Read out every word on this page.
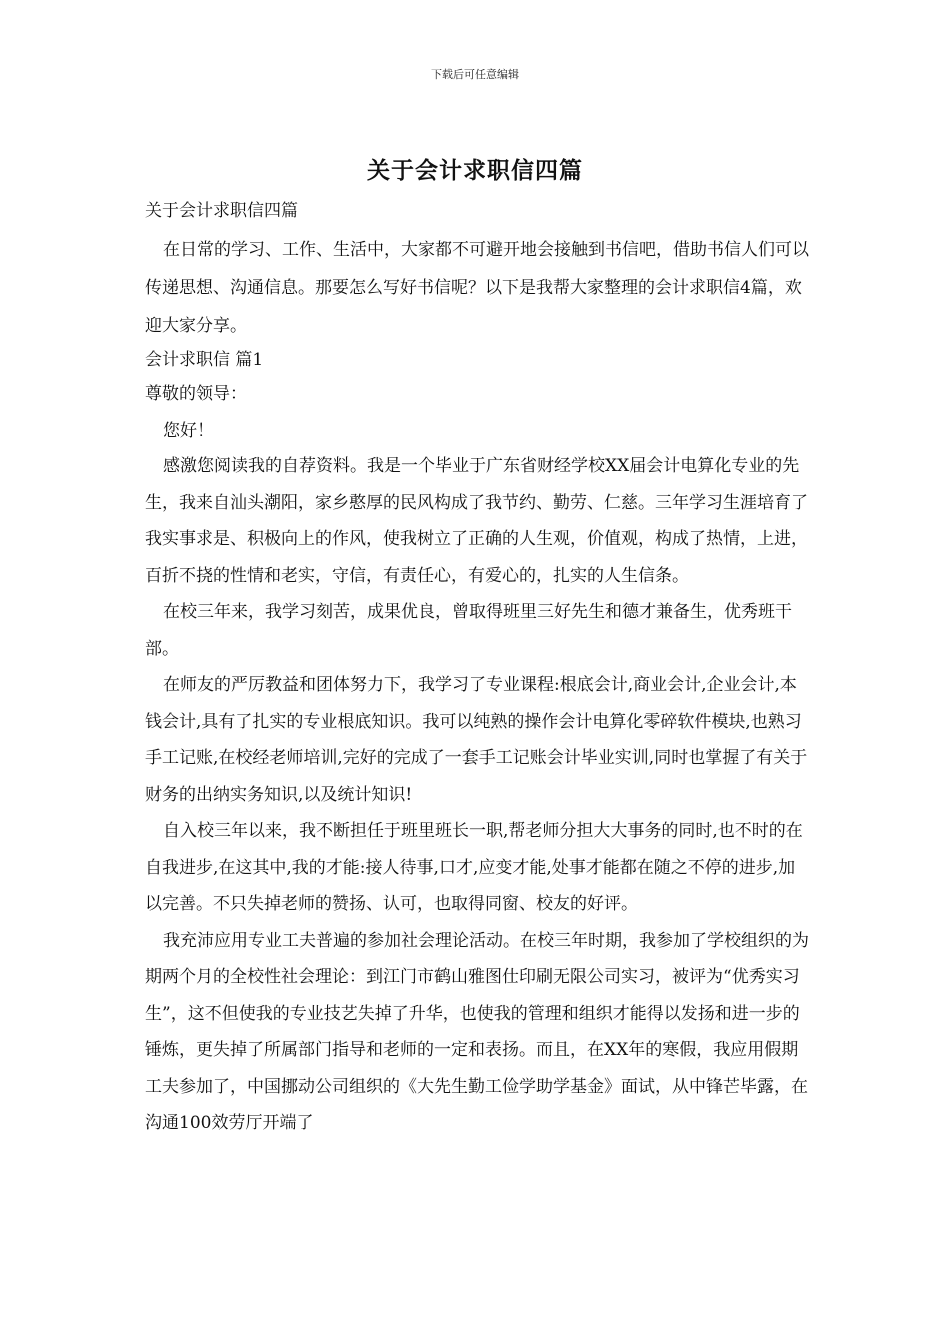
下载后可任意编辑
关于会计求职信四篇

关于会计求职信四篇

在日常的学习、工作、生活中，大家都不可避开地会接触到书信吧，借助书信人们可以传递思想、沟通信息。那要怎么写好书信呢？以下是我帮大家整理的会计求职信4篇，欢迎大家分享。

会计求职信 篇1

尊敬的领导：

您好！

感激您阅读我的自荐资料。我是一个毕业于广东省财经学校XX届会计电算化专业的先生，我来自汕头潮阳，家乡憨厚的民风构成了我节约、勤劳、仁慈。三年学习生涯培育了我实事求是、积极向上的作风，使我树立了正确的人生观，价值观，构成了热情，上进，百折不挠的性情和老实，守信，有责任心，有爱心的，扎实的人生信条。

在校三年来，我学习刻苦，成果优良，曾取得班里三好先生和德才兼备生，优秀班干部。

在师友的严厉教益和团体努力下，我学习了专业课程:根底会计,商业会计,企业会计,本钱会计,具有了扎实的专业根底知识。我可以纯熟的操作会计电算化零碎软件模块,也熟习手工记账,在校经老师培训,完好的完成了一套手工记账会计毕业实训,同时也掌握了有关于财务的出纳实务知识,以及统计知识!

自入校三年以来，我不断担任于班里班长一职,帮老师分担大大事务的同时,也不时的在自我进步,在这其中,我的才能:接人待事,口才,应变才能,处事才能都在随之不停的进步,加以完善。不只失掉老师的赞扬、认可，也取得同窗、校友的好评。

我充沛应用专业工夫普遍的参加社会理论活动。在校三年时期，我参加了学校组织的为期两个月的全校性社会理论：到江门市鹤山雅图仕印刷无限公司实习，被评为“优秀实习生”，这不但使我的专业技艺失掉了升华，也使我的管理和组织才能得以发扬和进一步的锤炼，更失掉了所属部门指导和老师的一定和表扬。而且，在XX年的寒假，我应用假期工夫参加了，中国挪动公司组织的《大先生勤工俭学助学基金》面试，从中锋芒毕露，在沟通100效劳厅开端了
